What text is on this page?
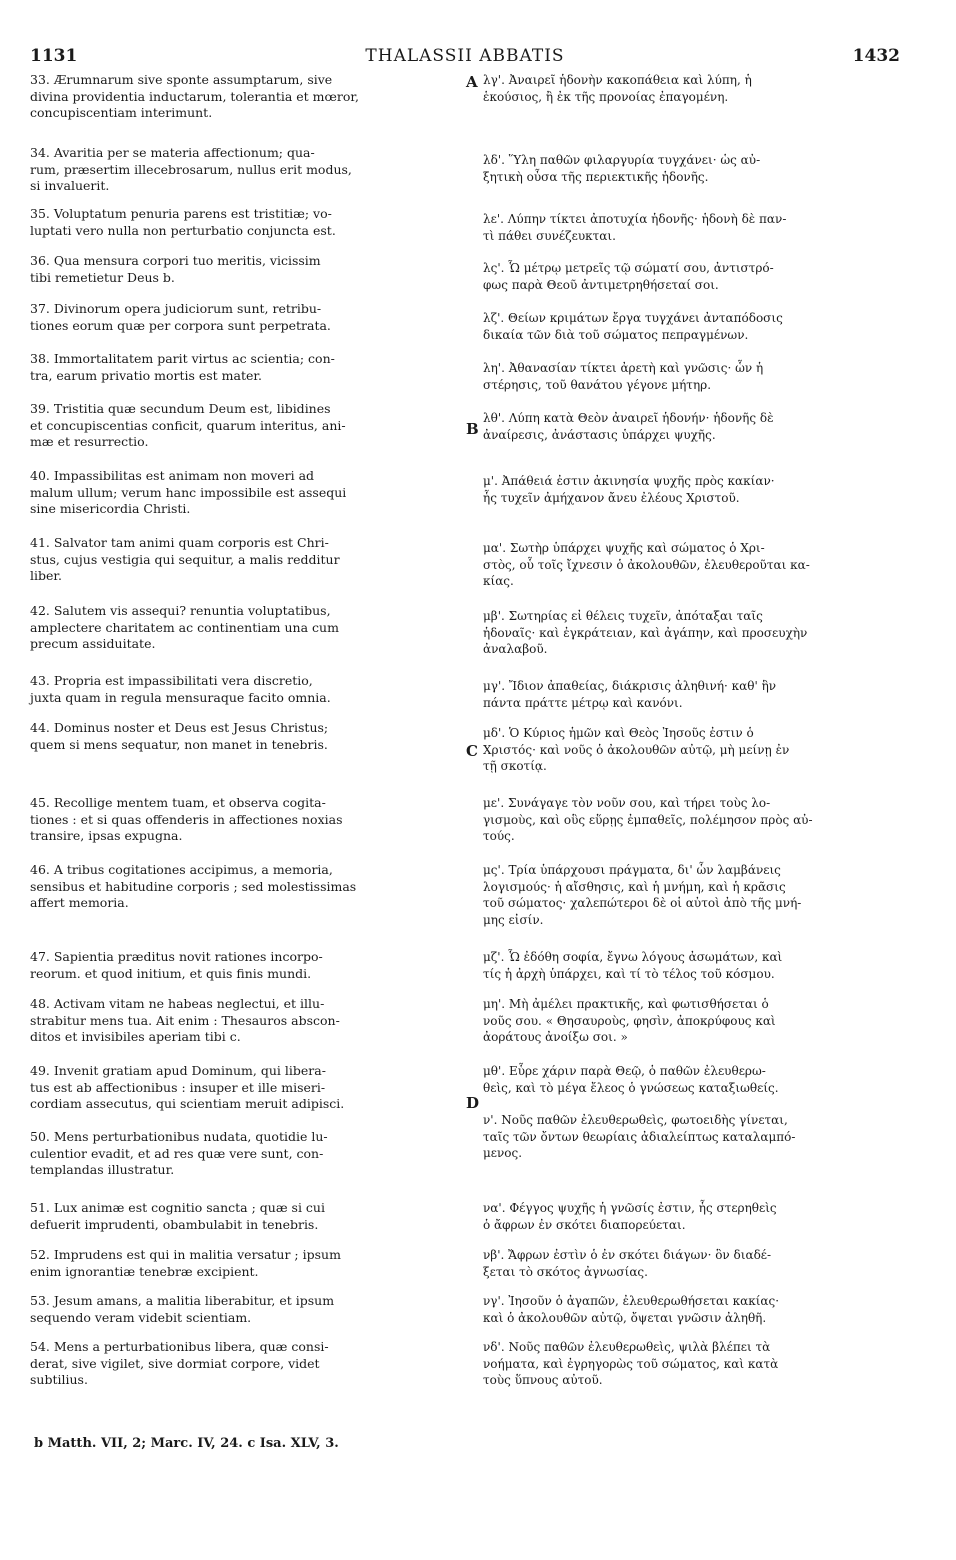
1131	THALASSII ABBATIS	1432
33. Ærumnarum sive sponte assumptarum, sive
divina providentia inductarum, tolerantia et mœror,
concupiscentiam interimunt.
34. Avaritia per se materia affectionum; qua-
rum, præsertim illecebrosarum, nullus erit modus,
si invaluerit.
35. Voluptatum penuria parens est tristitiæ; vo-
luptati vero nulla non perturbatio conjuncta est.
36. Qua mensura corpori tuo meritis, vicissim
tibi remetietur Deus b.
37. Divinorum opera judiciorum sunt, retribu-
tiones eorum quæ per corpora sunt perpetrata.
38. Immortalitatem parit virtus ac scientia; con-
tra, earum privatio mortis est mater.
39. Tristitia quæ secundum Deum est, libidines
et concupiscentias conficit, quarum interitus, ani-
mæ et resurrectio.
40. Impassibilitas est animam non moveri ad
malum ullum; verum hanc impossibile est assequi
sine misericordia Christi.
41. Salvator tam animi quam corporis est Chri-
stus, cujus vestigia qui sequitur, a malis redditur
liber.
42. Salutem vis assequi? renuntia voluptatibus,
amplectere charitatem ac continentiam una cum
precum assiduitate.
43. Propria est impassibilitati vera discretio,
juxta quam in regula mensuraque facito omnia.
44. Dominus noster et Deus est Jesus Christus;
quem si mens sequatur, non manet in tenebris.
45. Recollige mentem tuam, et observa cogita-
tiones : et si quas offenderis in affectiones noxias
transire, ipsas expugna.
46. A tribus cogitationes accipimus, a memoria,
sensibus et habitudine corporis ; sed molestissimas
affert memoria.
47. Sapientia præditus novit rationes incorpo-
reorum. et quod initium, et quis finis mundi.
48. Activam vitam ne habeas neglectui, et illu-
strabitur mens tua. Ait enim : Thesauros abscon-
ditos et invisibiles aperiam tibi c.
49. Invenit gratiam apud Dominum, qui libera-
tus est ab affectionibus : insuper et ille miseri-
cordiam assecutus, qui scientiam meruit adipisci.
50. Mens perturbationibus nudata, quotidie lu-
culentior evadit, et ad res quæ vere sunt, con-
templandas illustratur.
51. Lux animæ est cognitio sancta ; quæ si cui
defuerit imprudenti, obambulabit in tenebris.
52. Imprudens est qui in malitia versatur ; ipsum
enim ignorantiæ tenebræ excipient.
53. Jesum amans, a malitia liberabitur, et ipsum
sequendo veram videbit scientiam.
54. Mens a perturbationibus libera, quæ consi-
derat, sive vigilet, sive dormiat corpore, videt
subtilius.
λγ'. Ἀναιρεῖ ἡδονὴν κακοπάθεια καὶ λύπη, ἡ
ἑκούσιος, ἢ ἐκ τῆς προνοίας ἐπαγομένη.
λδ'. Ὕλη παθῶν φιλαργυρία τυγχάνει· ὡς αὐ-
ξητικὴ οὖσα τῆς περιεκτικῆς ἡδονῆς.
λε'. Λύπην τίκτει ἀποτυχία ἡδονῆς· ἡδονὴ δὲ παν-
τὶ πάθει συνέζευκται.
λς'. Ὧ μέτρῳ μετρεῖς τῷ σώματί σου, ἀντιστρό-
φως παρὰ Θεοῦ ἀντιμετρηθήσεταί σοι.
λζ'. Θείων κριμάτων ἔργα τυγχάνει ἀνταπόδοσις
δικαία τῶν διὰ τοῦ σώματος πεπραγμένων.
λη'. Ἀθανασίαν τίκτει ἀρετὴ καὶ γνῶσις· ὧν ἡ
στέρησις, τοῦ θανάτου γέγονε μήτηρ.
λθ'. Λύπη κατὰ Θεὸν ἀναιρεῖ ἡδονήν· ἡδονῆς δὲ
ἀναίρεσις, ἀνάστασις ὑπάρχει ψυχῆς.
μ'. Ἀπάθειά ἐστιν ἀκινησία ψυχῆς πρὸς κακίαν·
ἧς τυχεῖν ἀμήχανον ἄνευ ἐλέους Χριστοῦ.
μα'. Σωτὴρ ὑπάρχει ψυχῆς καὶ σώματος ὁ Χρι-
στὸς, οὗ τοῖς ἴχνεσιν ὁ ἀκολουθῶν, ἐλευθεροῦται κα-
κίας.
μβ'. Σωτηρίας εἰ θέλεις τυχεῖν, ἀπόταξαι ταῖς
ἡδοναῖς· καὶ ἐγκράτειαν, καὶ ἀγάπην, καὶ προσευχὴν
ἀναλαβοῦ.
μγ'. Ἴδιον ἀπαθείας, διάκρισις ἀληθινή· καθ' ἣν
πάντα πράττε μέτρῳ καὶ κανόνι.
μδ'. Ὁ Κύριος ἡμῶν καὶ Θεὸς Ἰησοῦς ἐστιν ὁ
Χριστός· καὶ νοῦς ὁ ἀκολουθῶν αὐτῷ, μὴ μείνῃ ἐν
τῇ σκοτίᾳ.
με'. Συνάγαγε τὸν νοῦν σου, καὶ τήρει τοὺς λο-
γισμοὺς, καὶ οὓς εὕρῃς ἐμπαθεῖς, πολέμησον πρὸς αὐ-
τούς.
μς'. Τρία ὑπάρχουσι πράγματα, δι' ὧν λαμβάνεις
λογισμούς· ἡ αἴσθησις, καὶ ἡ μνήμη, καὶ ἡ κρᾶσις
τοῦ σώματος· χαλεπώτεροι δὲ οἱ αὐτοὶ ἀπὸ τῆς μνή-
μης εἰσίν.
μζ'. Ὧ ἐδόθη σοφία, ἔγνω λόγους ἀσωμάτων, καὶ
τίς ἡ ἀρχὴ ὑπάρχει, καὶ τί τὸ τέλος τοῦ κόσμου.
μη'. Μὴ ἀμέλει πρακτικῆς, καὶ φωτισθήσεται ὁ
νοῦς σου. « Θησαυροὺς, φησὶν, ἀποκρύφους καὶ
ἀοράτους ἀνοίξω σοι. »
μθ'. Εὗρε χάριν παρὰ Θεῷ, ὁ παθῶν ἐλευθερω-
θεὶς, καὶ τὸ μέγα ἔλεος ὁ γνώσεως καταξιωθείς.
ν'. Νοῦς παθῶν ἐλευθερωθεὶς, φωτοειδὴς γίνεται,
ταῖς τῶν ὄντων θεωρίαις ἀδιαλείπτως καταλαμπό-
μενος.
να'. Φέγγος ψυχῆς ἡ γνῶσίς ἐστιν, ἧς στερηθεὶς
ὁ ἄφρων ἐν σκότει διαπορεύεται.
νβ'. Ἄφρων ἐστὶν ὁ ἐν σκότει διάγων· ὃν διαδέ-
ξεται τὸ σκότος ἀγνωσίας.
νγ'. Ἰησοῦν ὁ ἀγαπῶν, ἐλευθερωθήσεται κακίας·
καὶ ὁ ἀκολουθῶν αὐτῷ, ὄψεται γνῶσιν ἀληθῆ.
νδ'. Νοῦς παθῶν ἐλευθερωθεὶς, ψιλὰ βλέπει τὰ
νοήματα, καὶ ἐγρηγορὼς τοῦ σώματος, καὶ κατὰ
τοὺς ὕπνους αὐτοῦ.
A
B
C
D
b Matth. VII, 2; Marc. IV, 24. c Isa. XLV, 3.
